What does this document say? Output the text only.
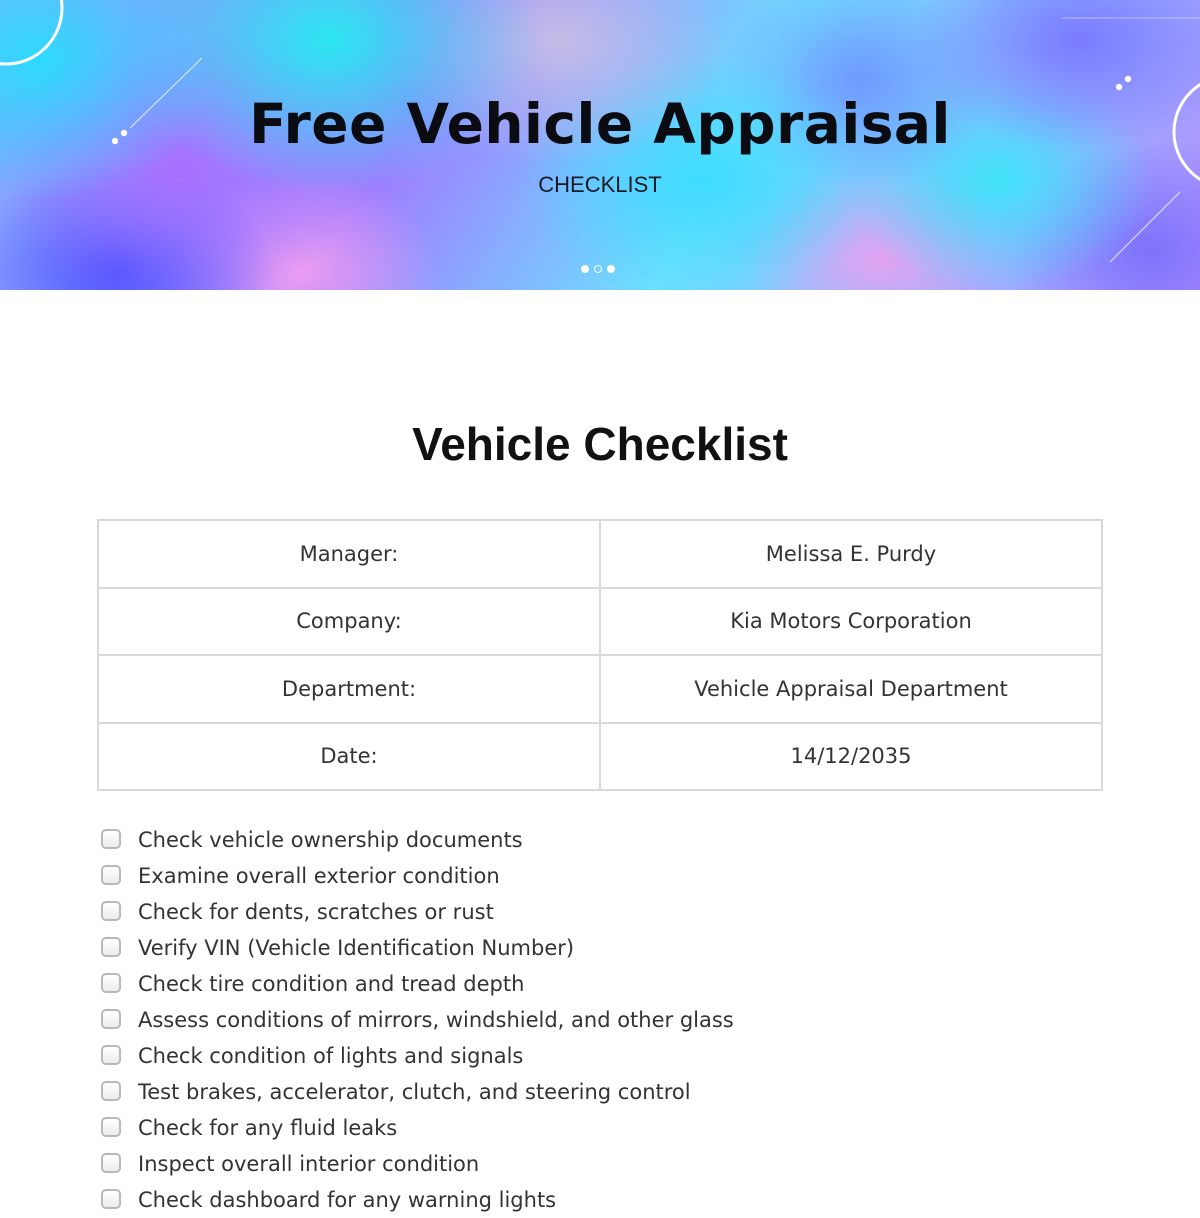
Free Vehicle Appraisal
CHECKLIST
Vehicle Checklist
Manager:	Melissa E. Purdy
Company:	Kia Motors Corporation
Department:	Vehicle Appraisal Department
Date:	14/12/2035
Check vehicle ownership documents
Examine overall exterior condition
Check for dents, scratches or rust
Verify VIN (Vehicle Identification Number)
Check tire condition and tread depth
Assess conditions of mirrors, windshield, and other glass
Check condition of lights and signals
Test brakes, accelerator, clutch, and steering control
Check for any fluid leaks
Inspect overall interior condition
Check dashboard for any warning lights
